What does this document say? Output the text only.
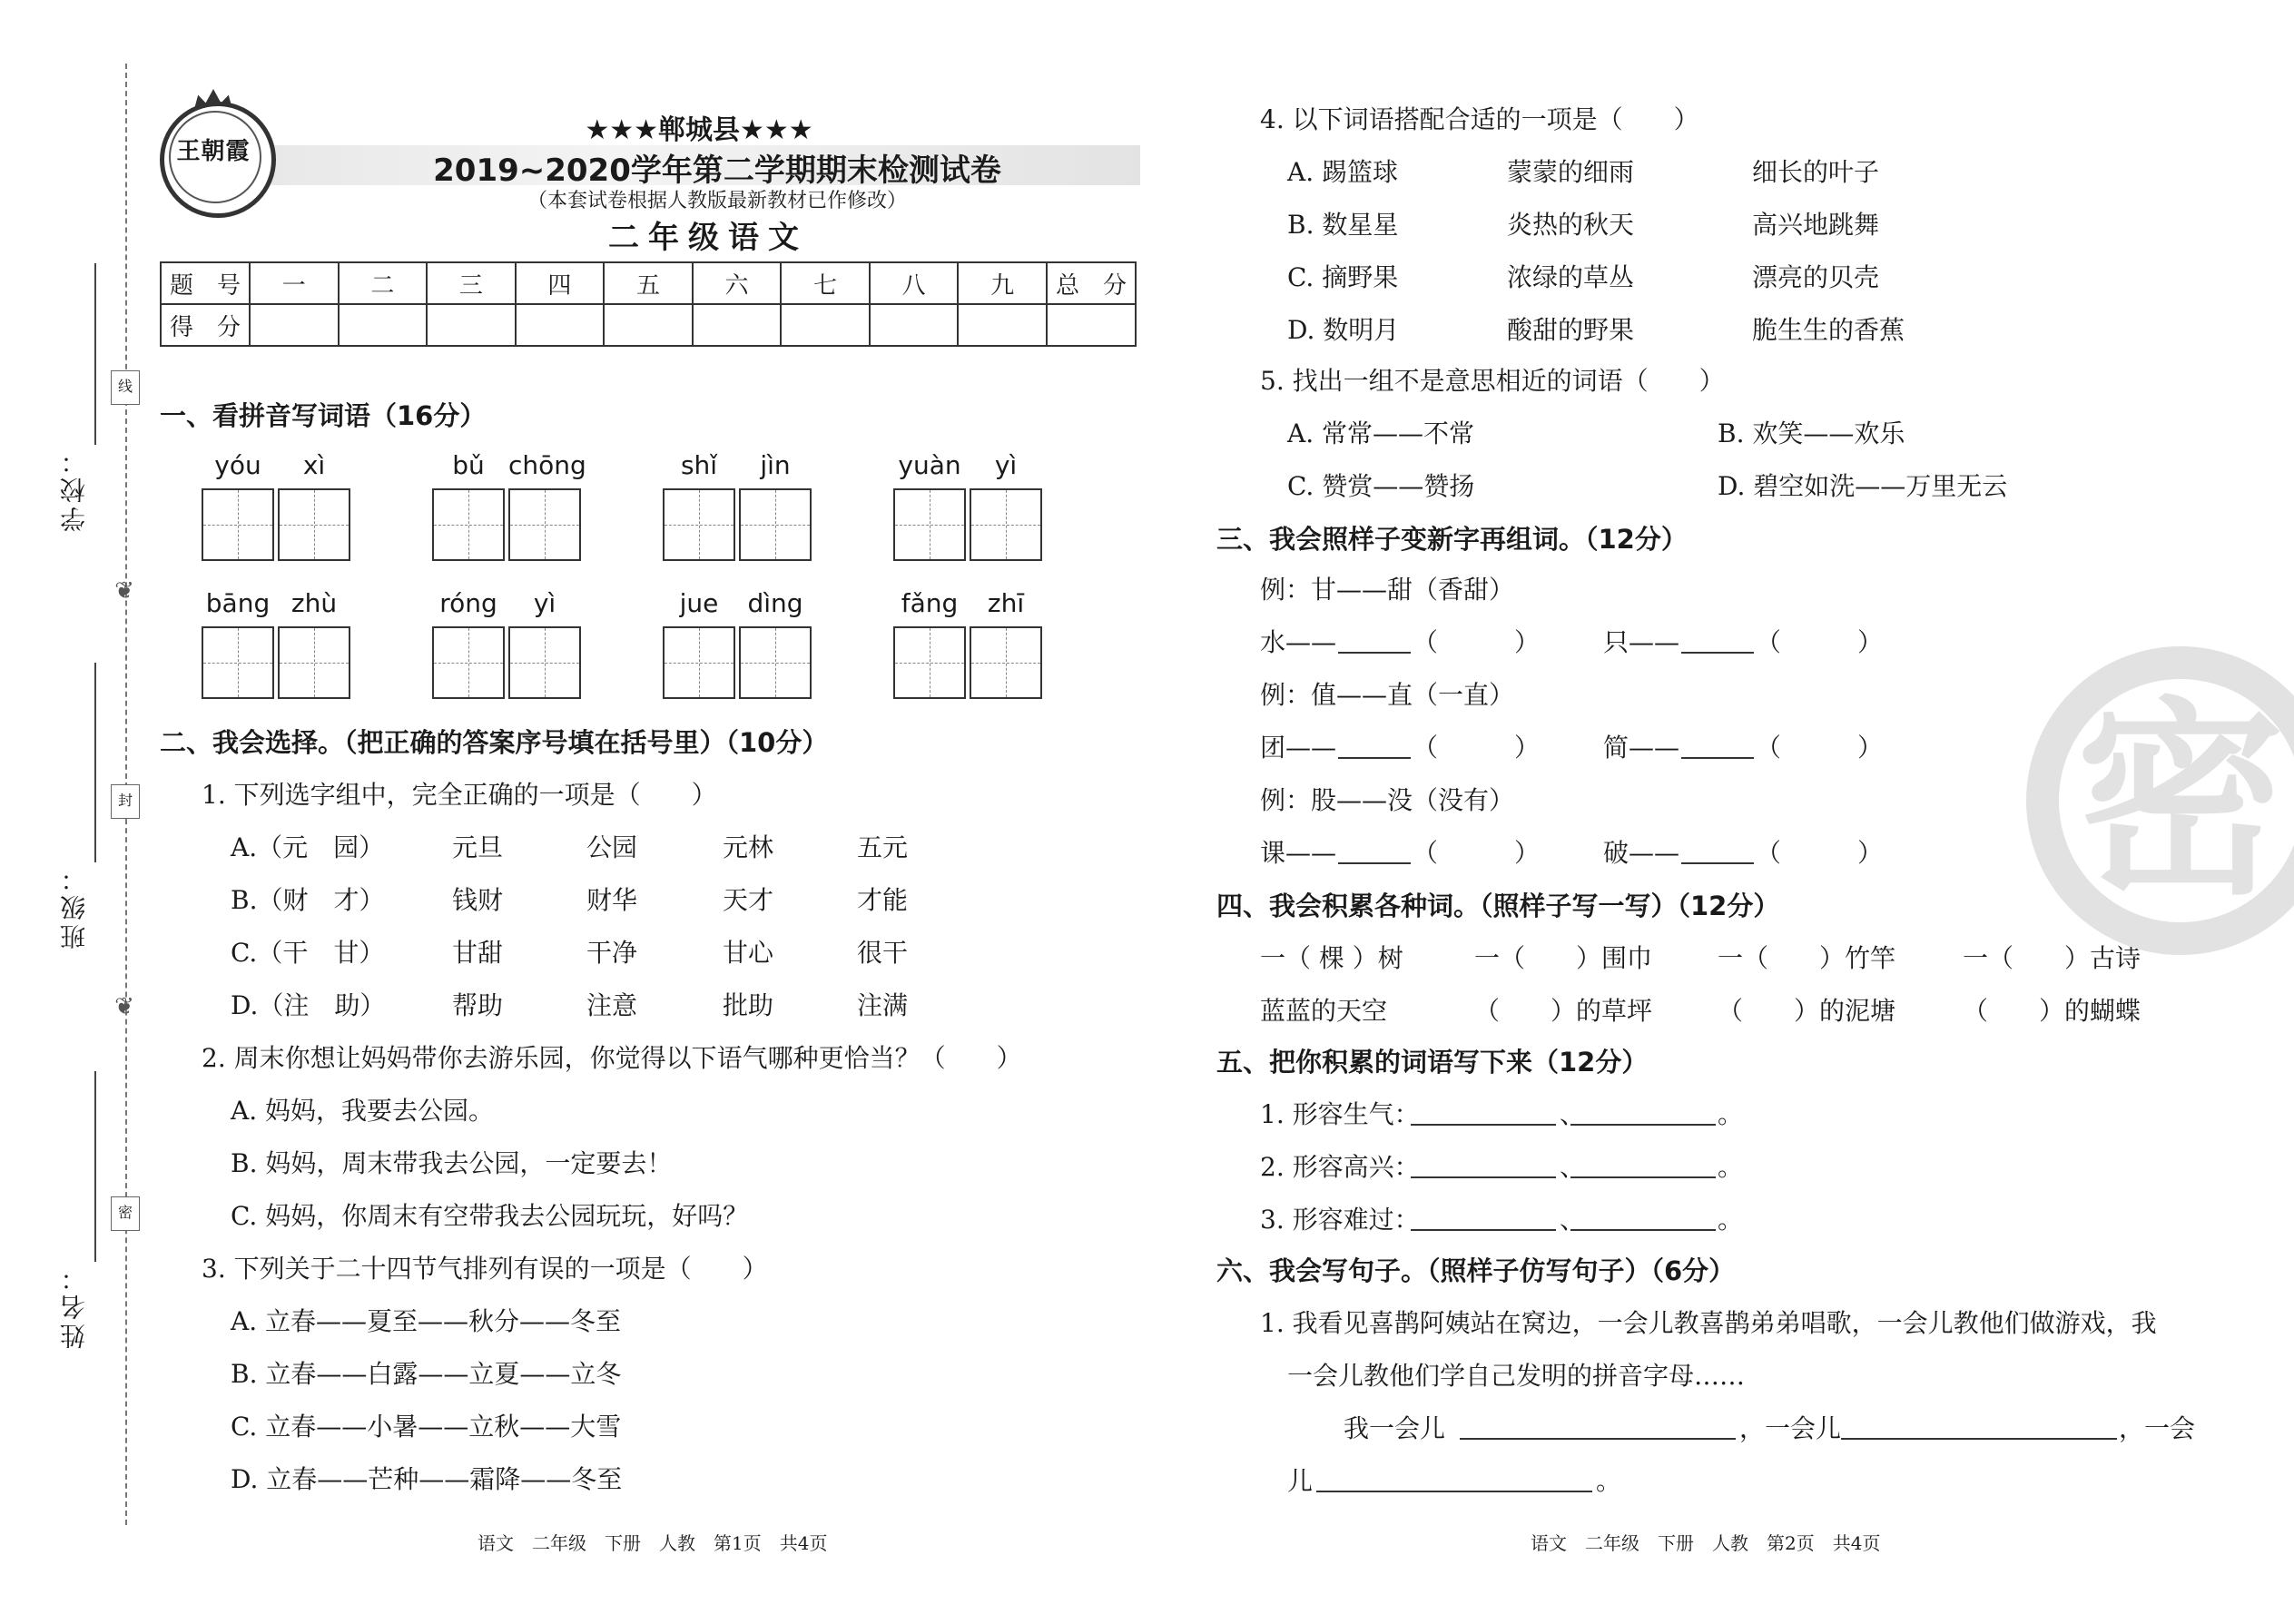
学校：
班级：
姓名：
线
❦
封
❦
密
王朝霞
★★★郸城县★★★
2019~2020学年第二学期期末检测试卷
（本套试卷根据人教版最新教材已作修改）
二年级语文
题　号	一	二	三	四	五	六	七	八	九	总　分
得　分										
一、看拼音写词语（16分）
yóu	xì	bǔ chōng	shǐ	jìn	yuàn	yì
bāng zhù	róng	yì	jue	dìng	fǎng	zhī
二、我会选择。（把正确的答案序号填在括号里）（10分）
1. 下列选字组中，完全正确的一项是（　　）
A.（元　园）	元旦	公园	元林	五元
B.（财　才）	钱财	财华	天才	才能
C.（干　甘）	甘甜	干净	甘心	很干
D.（注　助）	帮助	注意	批助	注满
2. 周末你想让妈妈带你去游乐园，你觉得以下语气哪种更恰当？（　　）
A. 妈妈，我要去公园。
B. 妈妈，周末带我去公园，一定要去！
C. 妈妈，你周末有空带我去公园玩玩，好吗？
3. 下列关于二十四节气排列有误的一项是（　　）
A. 立春——夏至——秋分——冬至
B. 立春——白露——立夏——立冬
C. 立春——小暑——立秋——大雪
D. 立春——芒种——霜降——冬至
语文　二年级　下册　人教　第1页　共4页
4. 以下词语搭配合适的一项是（　　）
A. 踢篮球	蒙蒙的细雨	细长的叶子
B. 数星星	炎热的秋天	高兴地跳舞
C. 摘野果	浓绿的草丛	漂亮的贝壳
D. 数明月	酸甜的野果	脆生生的香蕉
5. 找出一组不是意思相近的词语（　　）
A. 常常——不常	B. 欢笑——欢乐
C. 赞赏——赞扬	D. 碧空如洗——万里无云
三、我会照样子变新字再组词。（12分）
例：甘——甜（香甜）
水——	（　　　） 只——	（　　　）
例：值——直（一直）
团——	（　　　） 简——	（　　　）
例：股——没（没有）
课——	（　　　） 破——	（　　　）
四、我会积累各种词。（照样子写一写）（12分）
一（ 棵 ）树	一（　　）围巾	一（　　）竹竿	一（　　）古诗
蓝蓝的天空	（　　）的草坪	（　　）的泥塘	（　　）的蝴蝶
五、把你积累的词语写下来（12分）
1. 形容生气：	、	。
2. 形容高兴：	、	。
3. 形容难过：	、	。
六、我会写句子。（照样子仿写句子）（6分）
1. 我看见喜鹊阿姨站在窝边，一会儿教喜鹊弟弟唱歌，一会儿教他们做游戏，我
一会儿教他们学自己发明的拼音字母……
我一会儿	，一会儿	，一会
儿	。
语文　二年级　下册　人教　第2页　共4页
密
